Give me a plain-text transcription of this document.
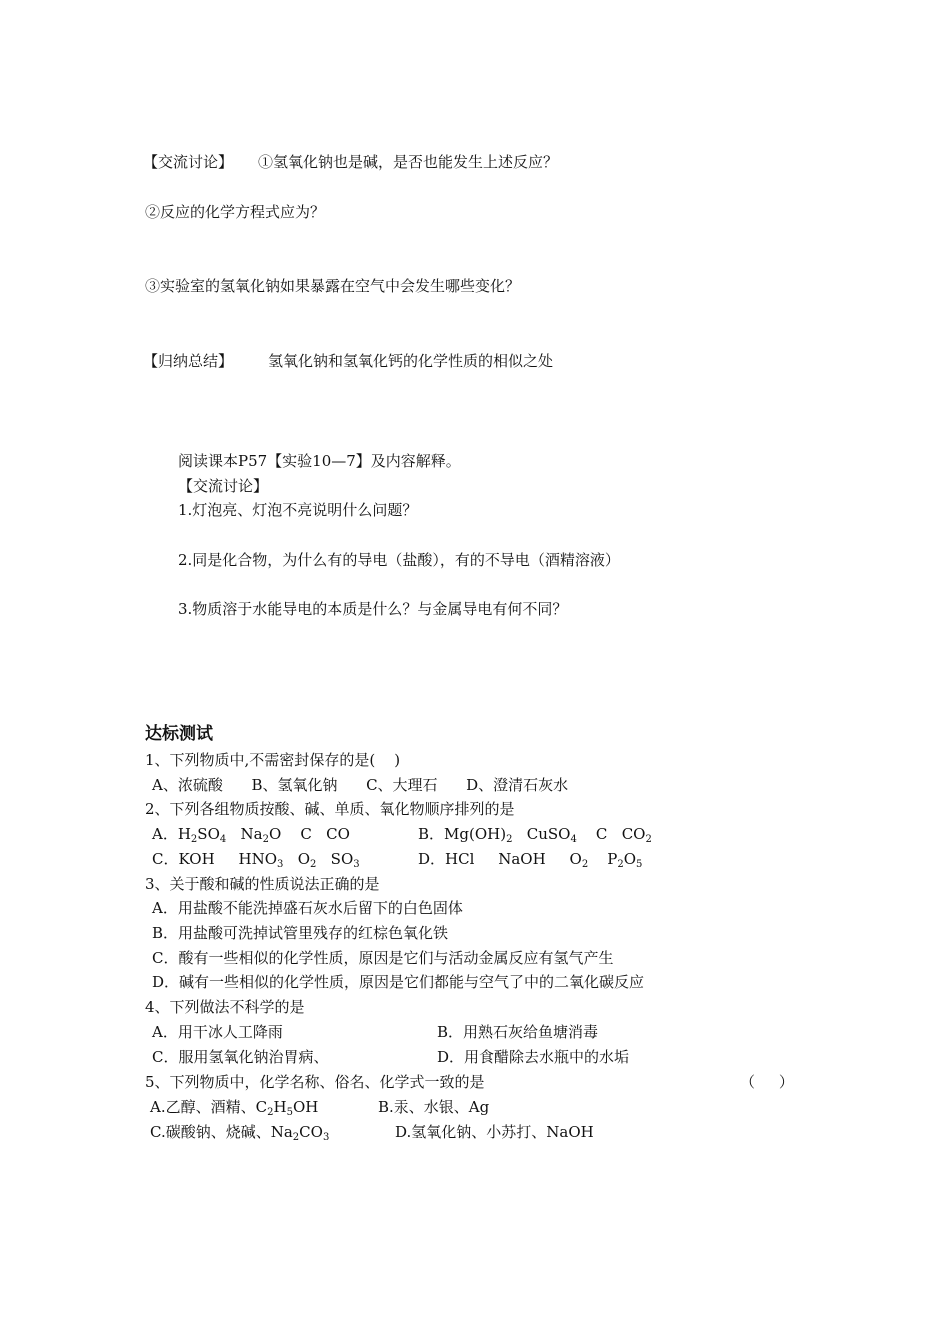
【交流讨论】 ①氢氧化钠也是碱，是否也能发生上述反应？
②反应的化学方程式应为？
③实验室的氢氧化钠如果暴露在空气中会发生哪些变化？
【归纳总结】 氢氧化钠和氢氧化钙的化学性质的相似之处
阅读课本P57【实验10—7】及内容解释。
【交流讨论】
1.灯泡亮、灯泡不亮说明什么问题？
2.同是化合物，为什么有的导电（盐酸），有的不导电（酒精溶液）
3.物质溶于水能导电的本质是什么？与金属导电有何不同？
达标测试
1、下列物质中,不需密封保存的是(    )
A、浓硫酸      B、氢氧化钠      C、大理石      D、澄清石灰水
2、下列各组物质按酸、碱、单质、氧化物顺序排列的是
A．$H_2SO_4$   $Na_2O$    C   CO	B．$Mg(OH)_2$   CuSO$_4$    C   $CO_2$
C．KOH     $HNO_3$   $O_2$   $SO_3$	D．HCl     NaOH     $O_2$    $P_2O_5$
3、关于酸和碱的性质说法正确的是
A．用盐酸不能洗掉盛石灰水后留下的白色固体
B．用盐酸可洗掉试管里残存的红棕色氧化铁
C．酸有一些相似的化学性质，原因是它们与活动金属反应有氢气产生
D．碱有一些相似的化学性质，原因是它们都能与空气了中的二氧化碳反应
4、下列做法不科学的是
A．用干冰人工降雨	B．用熟石灰给鱼塘消毒
C．服用氢氧化钠治胃病、	D．用食醋除去水瓶中的水垢
5、下列物质中，化学名称、俗名、化学式一致的是	（     ）
A.乙醇、酒精、$C_2H_5OH$	B.汞、水银、Ag
C.碳酸钠、烧碱、$Na_2CO_3$	D.氢氧化钠、小苏打、NaOH
